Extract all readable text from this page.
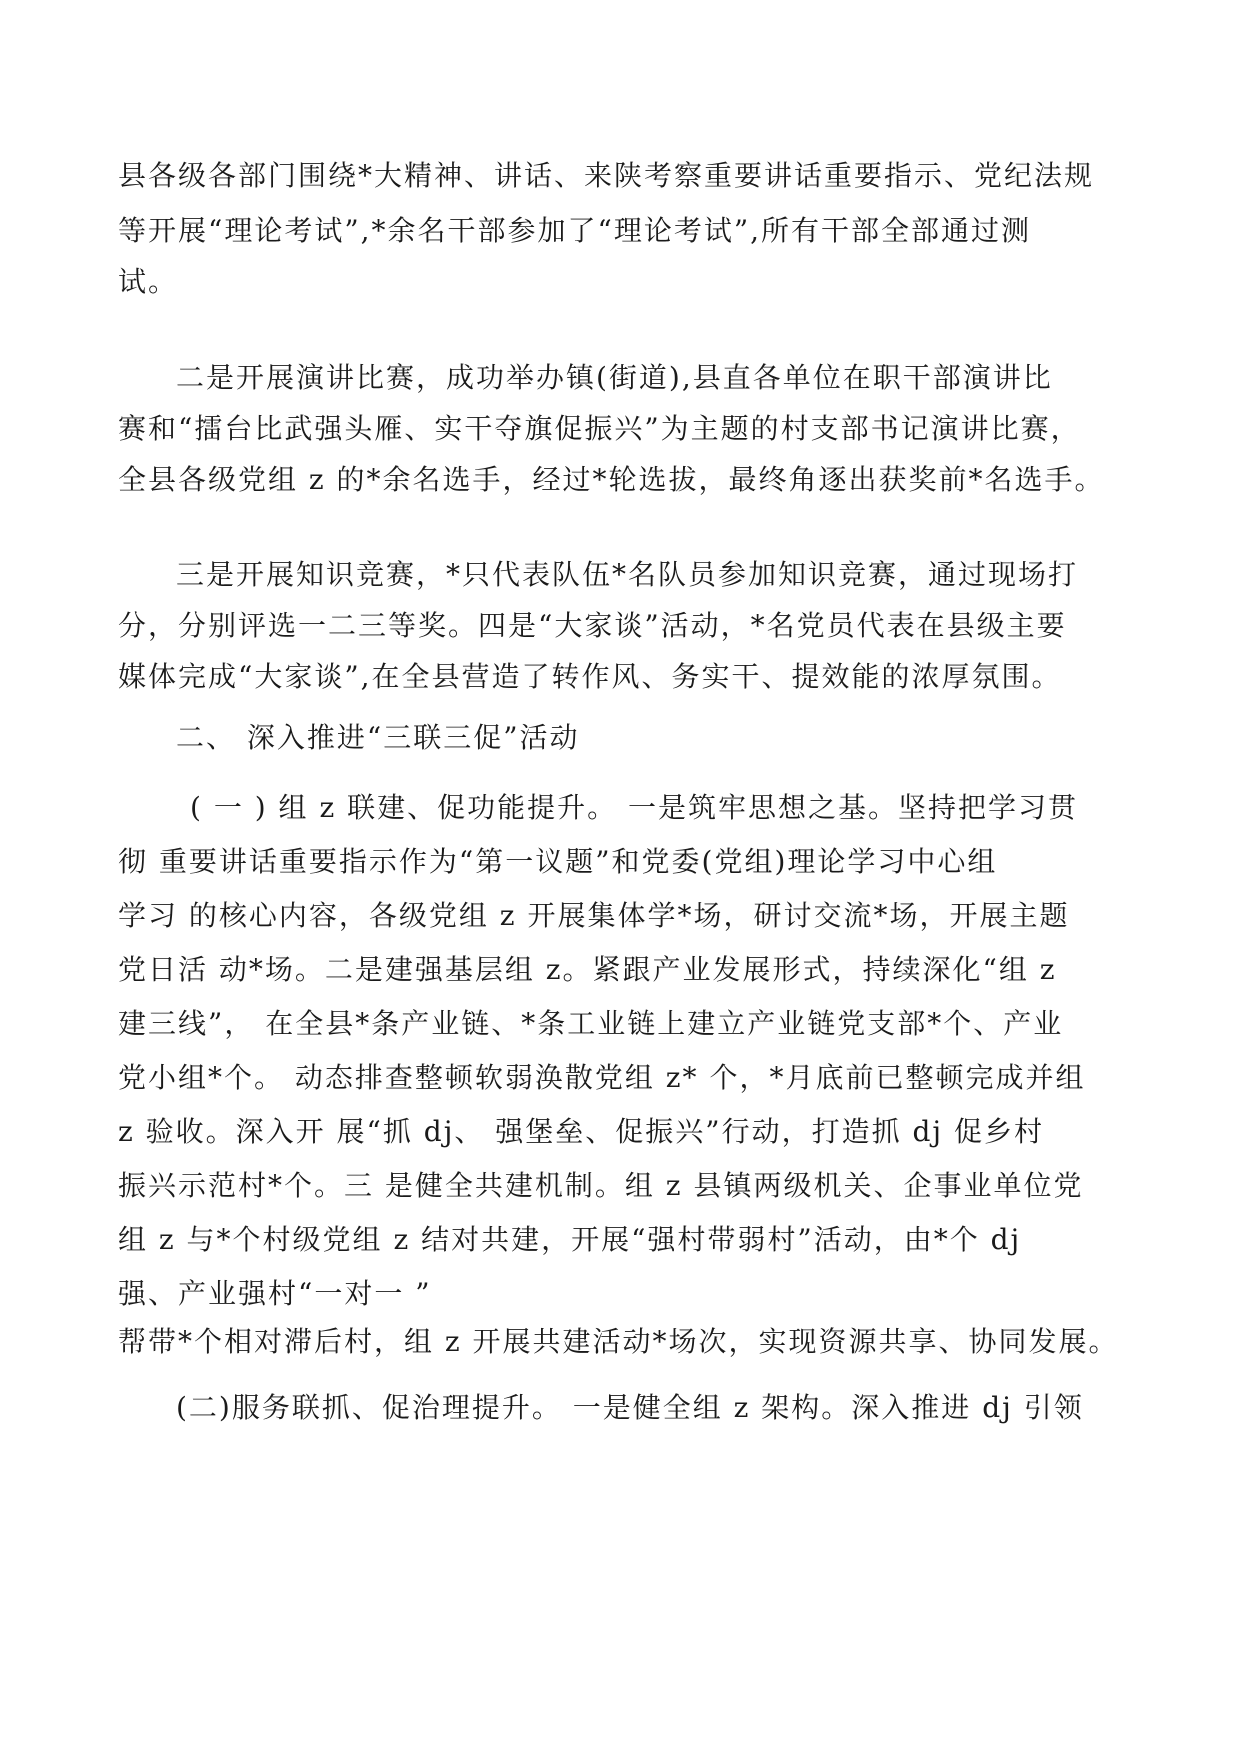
县各级各部门围绕*大精神、讲话、来陕考察重要讲话重要指示、党纪法规
等开展“理论考试”,*余名干部参加了“理论考试”,所有干部全部通过测
试。
二是开展演讲比赛，成功举办镇(街道),县直各单位在职干部演讲比
赛和“擂台比武强头雁、实干夺旗促振兴”为主题的村支部书记演讲比赛，
全县各级党组 z 的*余名选手，经过*轮选拔，最终角逐出获奖前*名选手。
三是开展知识竞赛，*只代表队伍*名队员参加知识竞赛，通过现场打
分，分别评选一二三等奖。四是“大家谈”活动，*名党员代表在县级主要
媒体完成“大家谈”,在全县营造了转作风、务实干、提效能的浓厚氛围。
二、 深入推进“三联三促”活动
( 一 ) 组 z 联建、促功能提升。 一是筑牢思想之基。坚持把学习贯
彻 重要讲话重要指示作为“第一议题”和党委(党组)理论学习中心组
学习 的核心内容，各级党组 z 开展集体学*场，研讨交流*场，开展主题
党日活 动*场。二是建强基层组 z。紧跟产业发展形式，持续深化“组 z
建三线”， 在全县*条产业链、*条工业链上建立产业链党支部*个、产业
党小组*个。 动态排查整顿软弱涣散党组 z* 个，*月底前已整顿完成并组
z 验收。深入开 展“抓 dj、 强堡垒、促振兴”行动，打造抓 dj 促乡村
振兴示范村*个。三 是健全共建机制。组 z 县镇两级机关、企事业单位党
组 z 与*个村级党组 z 结对共建，开展“强村带弱村”活动，由*个 dj
强、产业强村“一对一 ”
帮带*个相对滞后村，组 z 开展共建活动*场次，实现资源共享、协同发展。
(二)服务联抓、促治理提升。 一是健全组 z 架构。深入推进 dj 引领
